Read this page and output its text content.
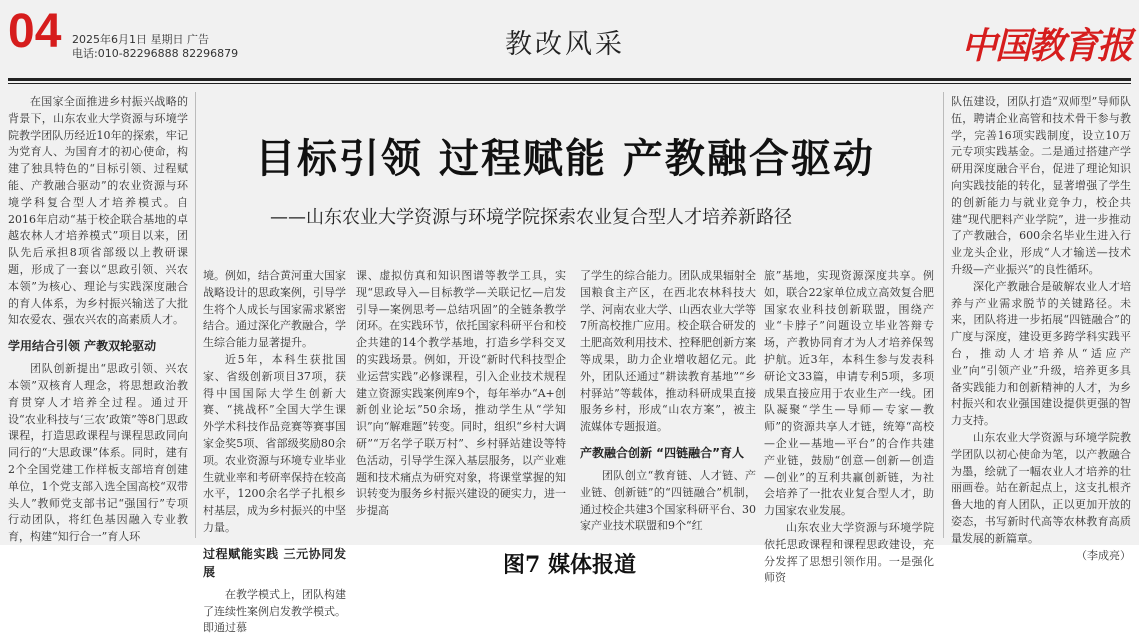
04 2025年6月1日 星期日 广告
电话:010-82296888 82296879	教改风采	中国教育报

在国家全面推进乡村振兴战略的背景下，山东农业大学资源与环境学院教学团队历经近10年的探索，牢记为党育人、为国育才的初心使命，构建了独具特色的“目标引领、过程赋能、产教融合驱动”的农业资源与环境学科复合型人才培养模式。自2016年启动“基于校企联合基地的卓越农林人才培养模式”项目以来，团队先后承担8项省部级以上教研课题，形成了一套以“思政引领、兴农本领”为核心、理论与实践深度融合的育人体系，为乡村振兴输送了大批知农爱农、强农兴农的高素质人才。

学用结合引领 产教双轮驱动

团队创新提出“思政引领、兴农本领”双核育人理念，将思想政治教育贯穿人才培养全过程。通过开设“农业科技与‘三农’政策”等8门思政课程，打造思政课程与课程思政同向同行的“大思政课”体系。同时，建有2个全国党建工作样板支部培育创建单位，1个党支部入选全国高校“双带头人”教师党支部书记“强国行”专项行动团队，将红色基因融入专业教育，构建“知行合一”育人环

目标引领 过程赋能 产教融合驱动
——山东农业大学资源与环境学院探索农业复合型人才培养新路径

境。例如，结合黄河重大国家战略设计的思政案例，引导学生将个人成长与国家需求紧密结合。通过深化产教融合，学生综合能力显著提升。

近5年，本科生获批国家、省级创新项目37项，获得中国国际大学生创新大赛、“挑战杯”全国大学生课外学术科技作品竞赛等赛事国家金奖5项、省部级奖励80余项。农业资源与环境专业毕业生就业率和考研率保持在较高水平，1200余名学子扎根乡村基层，成为乡村振兴的中坚力量。

过程赋能实践 三元协同发展

在教学模式上，团队构建了连续性案例启发教学模式。即通过慕

课、虚拟仿真和知识图谱等教学工具，实现“思政导入—目标教学—关联记忆—启发引导—案例思考—总结巩固”的全链条教学闭环。在实践环节，依托国家科研平台和校企共建的14个教学基地，打造乡学科交叉的实践场景。例如，开设“新时代科技型企业运营实践”必修课程，引入企业技术规程建立资源实践案例库9个，每年举办“A+创新创业论坛”50余场，推动学生从“学知识”向“解难题”转变。同时，组织“乡村大调研”“万名学子联万村”、乡村驿站建设等特色活动，引导学生深入基层服务，以产业难题和技术痛点为研究对象，将课堂掌握的知识转变为服务乡村振兴建设的硬实力，进一步提高

了学生的综合能力。团队成果辐射全国粮食主产区，在西北农林科技大学、河南农业大学、山西农业大学等7所高校推广应用。校企联合研发的土肥高效利用技术、控释肥创新方案等成果，助力企业增收超亿元。此外，团队还通过“耕读教育基地”“乡村驿站”等载体，推动科研成果直接服务乡村，形成“山农方案”，被主流媒体专题报道。

产教融合创新 “四链融合”育人

团队创立“教育链、人才链、产业链、创新链”的“四链融合”机制，通过校企共建3个国家科研平台、30家产业技术联盟和9个“红

旅”基地，实现资源深度共享。例如，联合22家单位成立高效复合肥国家农业科技创新联盟，围绕产业“卡脖子”问题设立毕业答辩专场，产教协同育才为人才培养保驾护航。近3年，本科生参与发表科研论文33篇，申请专利5项，多项成果直接应用于农业生产一线。团队凝聚“学生—导师—专家—教师”的资源共享人才链，统筹“高校—企业—基地—平台”的合作共建产业链，鼓励“创意—创新—创造—创业”的互利共赢创新链，为社会培养了一批农业复合型人才，助力国家农业发展。

山东农业大学资源与环境学院依托思政课程和课程思政建设，充分发挥了思想引领作用。一是强化师资

队伍建设，团队打造“双师型”导师队伍，聘请企业高管和技术骨干参与教学，完善16项实践制度，设立10万元专项实践基金。二是通过搭建产学研用深度融合平台，促进了理论知识向实践技能的转化，显著增强了学生的创新能力与就业竞争力，校企共建“现代肥料产业学院”，进一步推动了产教融合，600余名毕业生进入行业龙头企业，形成“人才输送—技术升级—产业振兴”的良性循环。

深化产教融合是破解农业人才培养与产业需求脱节的关键路径。未来，团队将进一步拓展“四链融合”的广度与深度，建设更多跨学科实践平台，推动人才培养从“适应产业”向“引领产业”升级，培养更多具备实践能力和创新精神的人才，为乡村振兴和农业强国建设提供更强的智力支持。

山东农业大学资源与环境学院教学团队以初心使命为笔，以产教融合为墨，绘就了一幅农业人才培养的壮丽画卷。站在新起点上，这支扎根齐鲁大地的育人团队，正以更加开放的姿态，书写新时代高等农林教育高质量发展的新篇章。

（李成亮）

图7 媒体报道
